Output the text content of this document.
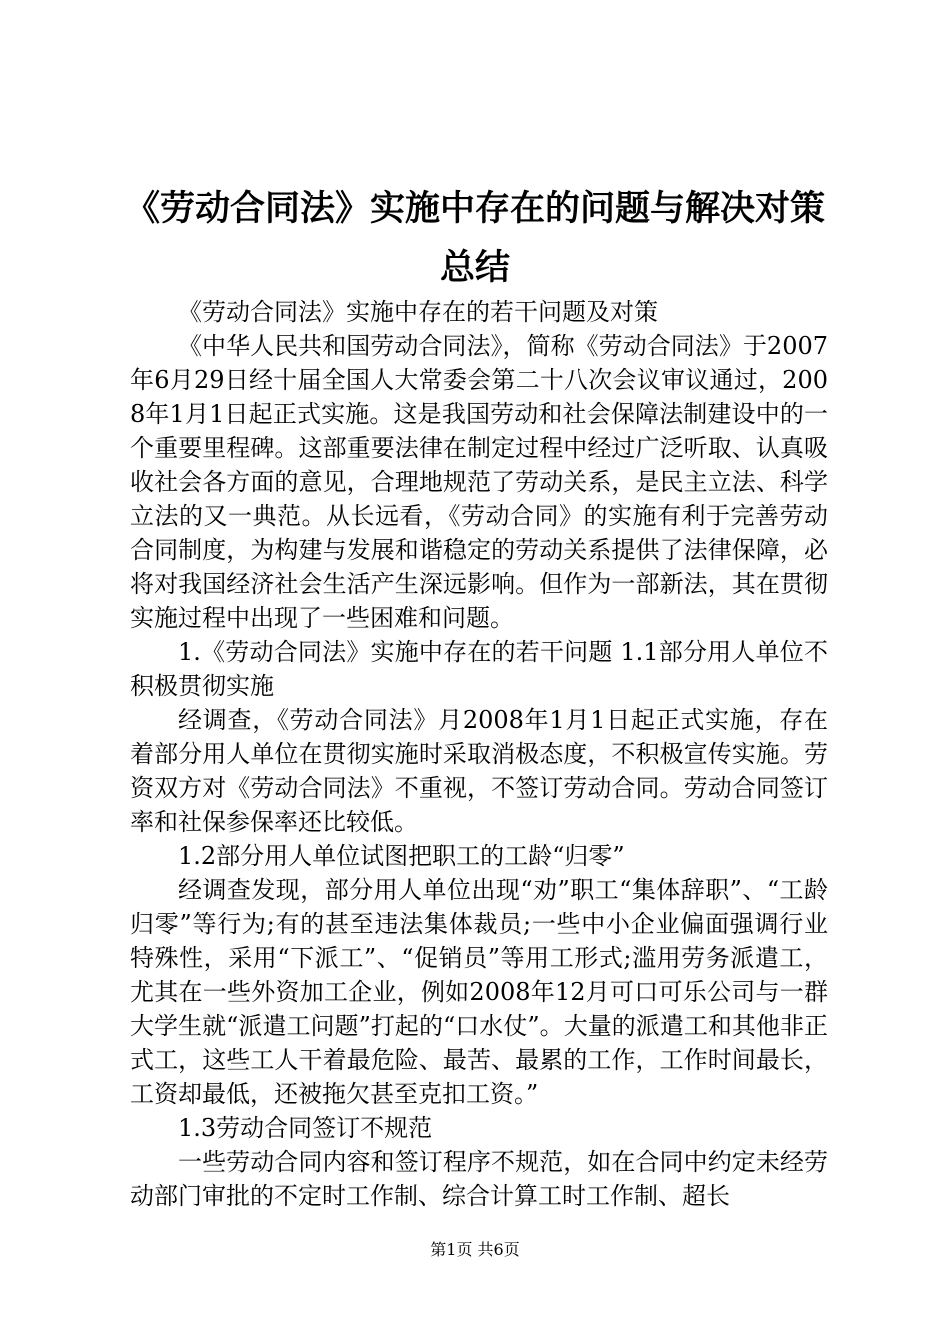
《劳动合同法》实施中存在的问题与解决对策
总结

《劳动合同法》实施中存在的若干问题及对策

《中华人民共和国劳动合同法》，简称《劳动合同法》于2007年6月29日经十届全国人大常委会第二十八次会议审议通过，2008年1月1日起正式实施。这是我国劳动和社会保障法制建设中的一个重要里程碑。这部重要法律在制定过程中经过广泛听取、认真吸收社会各方面的意见，合理地规范了劳动关系，是民主立法、科学立法的又一典范。从长远看，《劳动合同》的实施有利于完善劳动合同制度，为构建与发展和谐稳定的劳动关系提供了法律保障，必将对我国经济社会生活产生深远影响。但作为一部新法，其在贯彻实施过程中出现了一些困难和问题。

1.《劳动合同法》实施中存在的若干问题 1.1部分用人单位不积极贯彻实施

经调查，《劳动合同法》月2008年1月1日起正式实施，存在着部分用人单位在贯彻实施时采取消极态度，不积极宣传实施。劳资双方对《劳动合同法》不重视，不签订劳动合同。劳动合同签订率和社保参保率还比较低。

1.2部分用人单位试图把职工的工龄“归零”

经调查发现，部分用人单位出现“劝”职工“集体辞职”、“工龄归零”等行为;有的甚至违法集体裁员;一些中小企业偏面强调行业特殊性，采用“下派工”、“促销员”等用工形式;滥用劳务派遣工，尤其在一些外资加工企业，例如2008年12月可口可乐公司与一群大学生就“派遣工问题”打起的“口水仗”。大量的派遣工和其他非正式工，这些工人干着最危险、最苦、最累的工作，工作时间最长，工资却最低，还被拖欠甚至克扣工资。”

1.3劳动合同签订不规范

一些劳动合同内容和签订程序不规范，如在合同中约定未经劳动部门审批的不定时工作制、综合计算工时工作制、超长

第1页 共6页
